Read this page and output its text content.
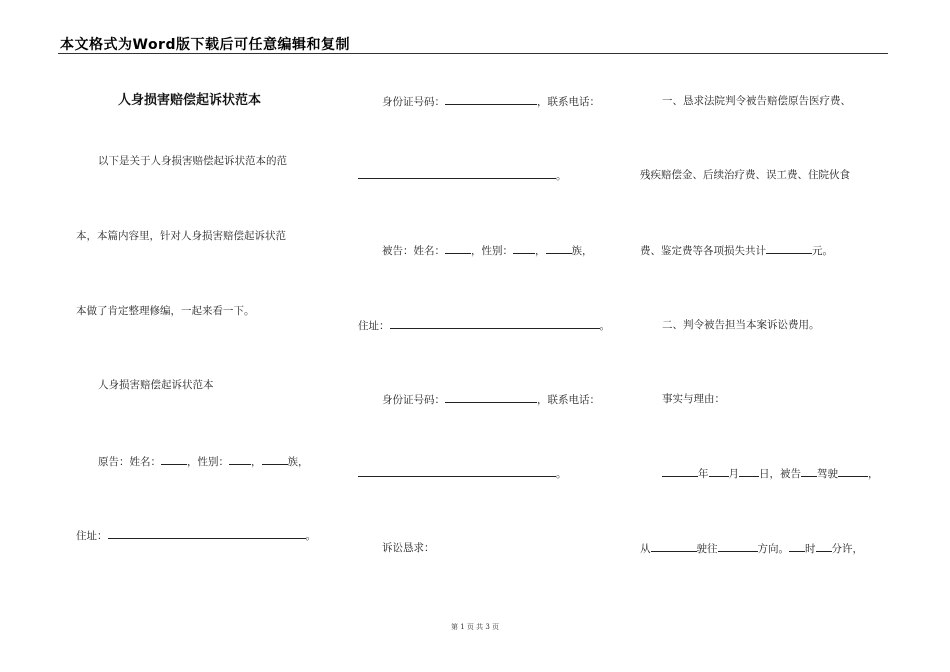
本文格式为Word版下载后可任意编辑和复制
人身损害赔偿起诉状范本
以下是关于人身损害赔偿起诉状范本的范
本，本篇内容里，针对人身损害赔偿起诉状范
本做了肯定整理修编，一起来看一下。
人身损害赔偿起诉状范本
原告：姓名： ，性别： ， 族，
住址：	。
身份证号码：	，联系电话：
。
被告：姓名： ，性别： ， 族，
住址：	。
身份证号码：	，联系电话：
。
诉讼恳求：
一、恳求法院判令被告赔偿原告医疗费、
残疾赔偿金、后续治疗费、误工费、住院伙食
费、鉴定费等各项损失共计	元。
二、判令被告担当本案诉讼费用。
事实与理由：
年 月 日，被告 驾驶	，
从	驶往	方向。 时 分许，
第 1 页 共 3 页
